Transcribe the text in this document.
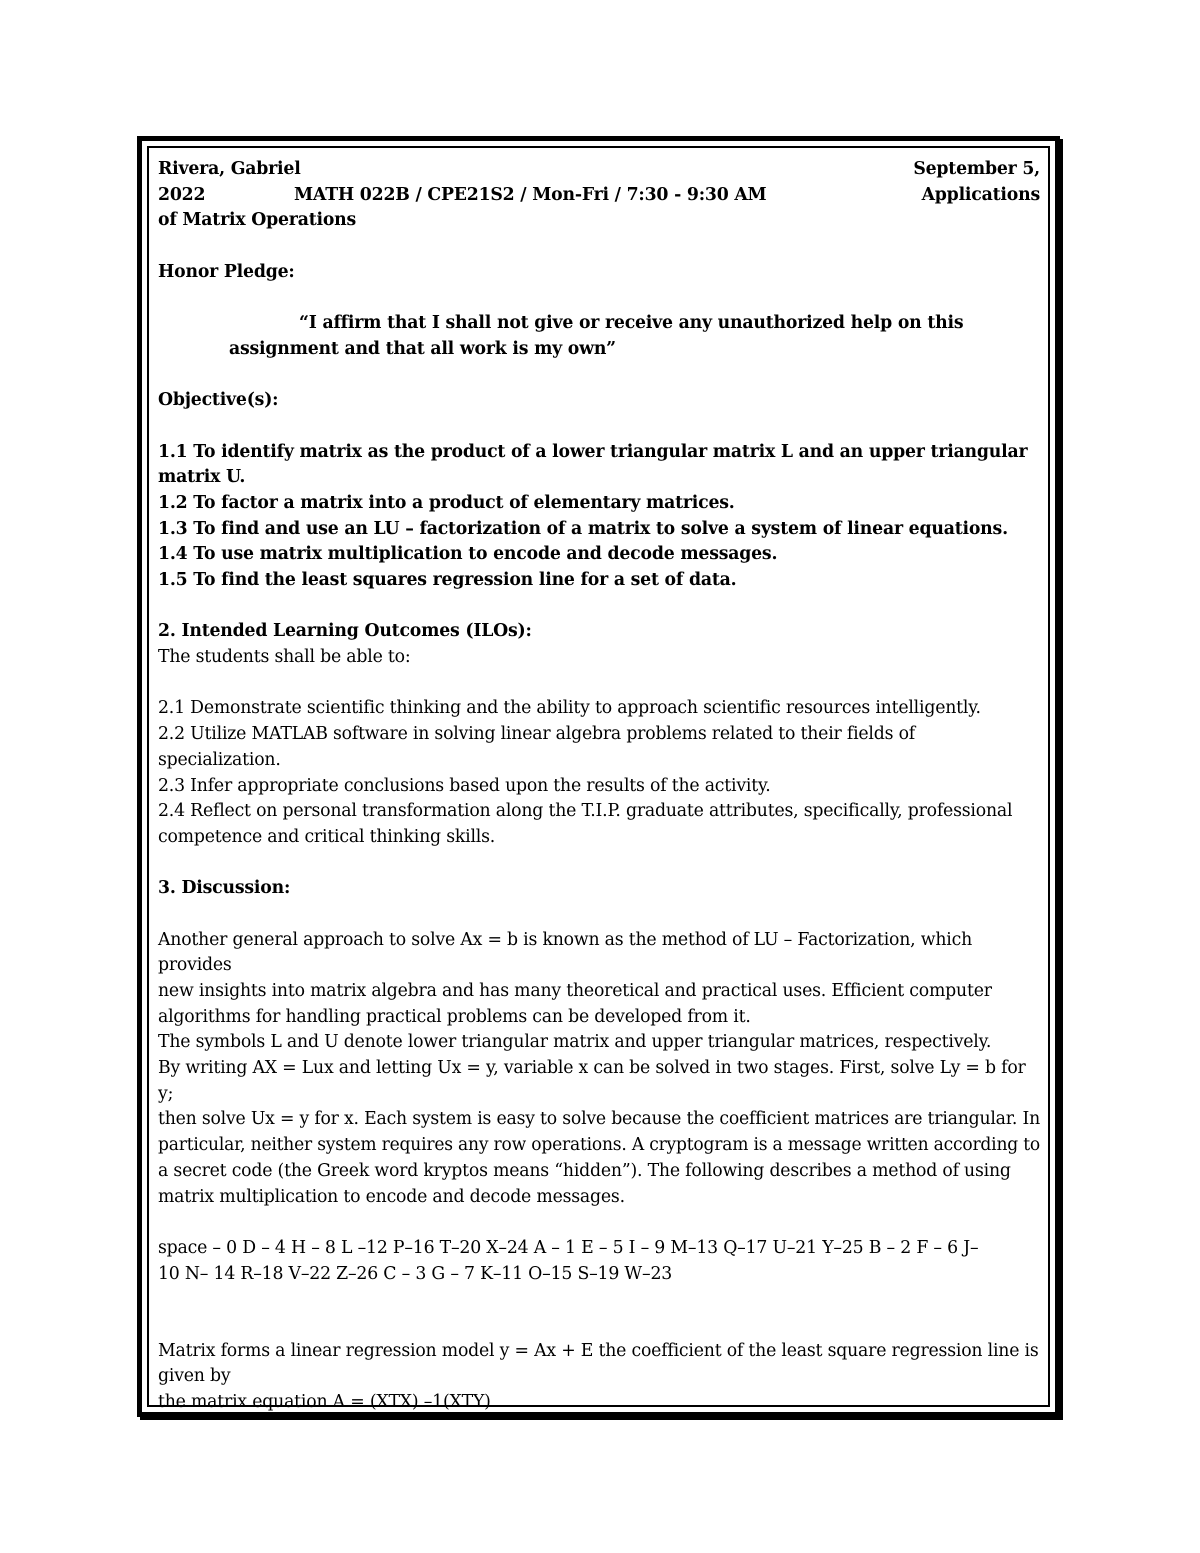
Rivera, Gabriel	September 5,
2022	MATH 022B / CPE21S2 / Mon-Fri / 7:30 - 9:30 AM	Applications
of Matrix Operations
Honor Pledge:
“I affirm that I shall not give or receive any unauthorized help on this
assignment and that all work is my own”
Objective(s):
1.1 To identify matrix as the product of a lower triangular matrix L and an upper triangular
matrix U.
1.2 To factor a matrix into a product of elementary matrices.
1.3 To find and use an LU – factorization of a matrix to solve a system of linear equations.
1.4 To use matrix multiplication to encode and decode messages.
1.5 To find the least squares regression line for a set of data.
2. Intended Learning Outcomes (ILOs):
The students shall be able to:
2.1 Demonstrate scientific thinking and the ability to approach scientific resources intelligently.
2.2 Utilize MATLAB software in solving linear algebra problems related to their fields of
specialization.
2.3 Infer appropriate conclusions based upon the results of the activity.
2.4 Reflect on personal transformation along the T.I.P. graduate attributes, specifically, professional
competence and critical thinking skills.
3. Discussion:
Another general approach to solve Ax = b is known as the method of LU – Factorization, which
provides
new insights into matrix algebra and has many theoretical and practical uses. Efficient computer
algorithms for handling practical problems can be developed from it.
The symbols L and U denote lower triangular matrix and upper triangular matrices, respectively.
By writing AX = Lux and letting Ux = y, variable x can be solved in two stages. First, solve Ly = b for
y;
then solve Ux = y for x. Each system is easy to solve because the coefficient matrices are triangular. In
particular, neither system requires any row operations. A cryptogram is a message written according to
a secret code (the Greek word kryptos means “hidden”). The following describes a method of using
matrix multiplication to encode and decode messages.
space – 0 D – 4 H – 8 L –12 P–16 T–20 X–24 A – 1 E – 5 I – 9 M–13 Q–17 U–21 Y–25 B – 2 F – 6 J–
10 N– 14 R–18 V–22 Z–26 C – 3 G – 7 K–11 O–15 S–19 W–23
Matrix forms a linear regression model y = Ax + E the coefficient of the least square regression line is
given by
the matrix equation A = (XTX) –1(XTY)
